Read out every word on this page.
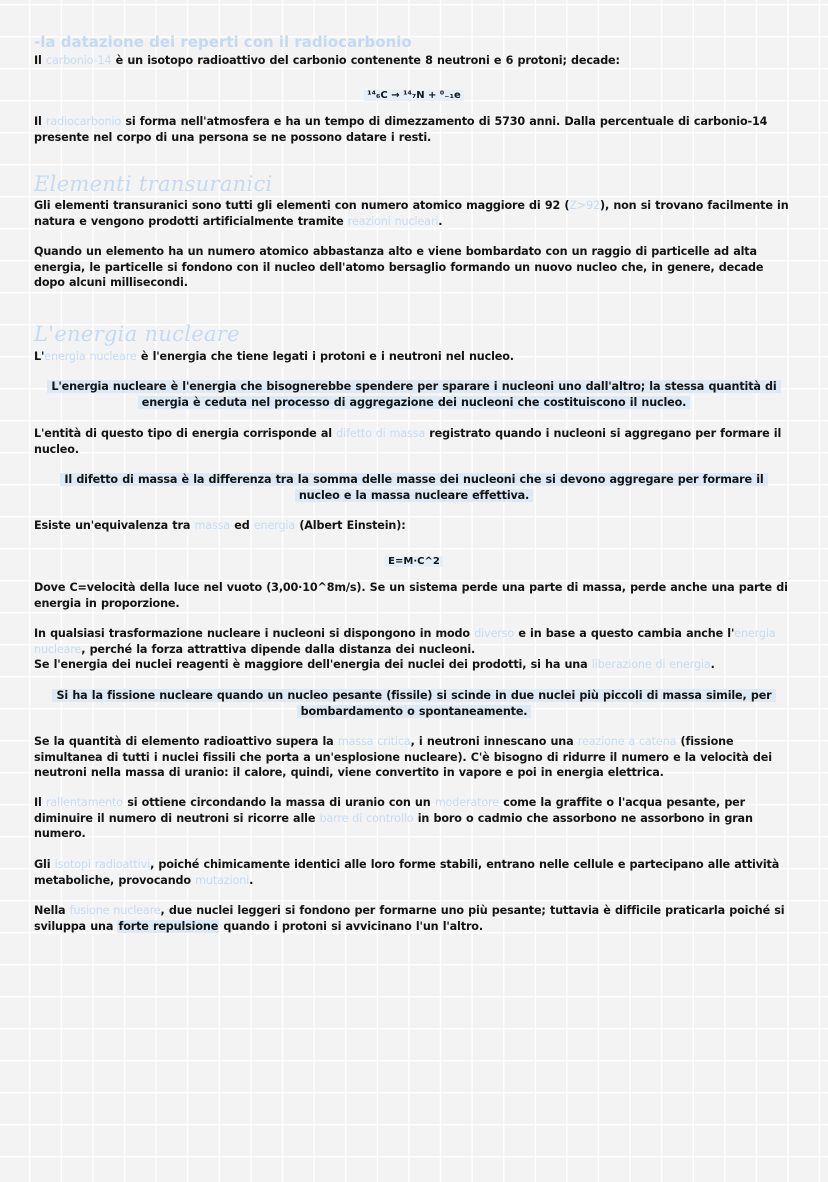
-la datazione dei reperti con il radiocarbonio
Il carbonio-14 è un isotopo radioattivo del carbonio contenente 8 neutroni e 6 protoni; decade:
¹⁴₆C → ¹⁴₇N + ⁰₋₁e
Il radiocarbonio si forma nell'atmosfera e ha un tempo di dimezzamento di 5730 anni. Dalla percentuale di carbonio-14 presente nel corpo di una persona se ne possono datare i resti.
Elementi transuranici
Gli elementi transuranici sono tutti gli elementi con numero atomico maggiore di 92 (Z>92), non si trovano facilmente in natura e vengono prodotti artificialmente tramite reazioni nucleari.
Quando un elemento ha un numero atomico abbastanza alto e viene bombardato con un raggio di particelle ad alta energia, le particelle si fondono con il nucleo dell'atomo bersaglio formando un nuovo nucleo che, in genere, decade dopo alcuni millisecondi.
L'energia nucleare
L'energia nucleare è l'energia che tiene legati i protoni e i neutroni nel nucleo.
L'energia nucleare è l'energia che bisognerebbe spendere per sparare i nucleoni uno dall'altro; la stessa quantità di energia è ceduta nel processo di aggregazione dei nucleoni che costituiscono il nucleo.
L'entità di questo tipo di energia corrisponde al difetto di massa registrato quando i nucleoni si aggregano per formare il nucleo.
Il difetto di massa è la differenza tra la somma delle masse dei nucleoni che si devono aggregare per formare il nucleo e la massa nucleare effettiva.
Esiste un'equivalenza tra massa ed energia (Albert Einstein):
E=M·C^2
Dove C=velocità della luce nel vuoto (3,00·10^8m/s). Se un sistema perde una parte di massa, perde anche una parte di energia in proporzione.
In qualsiasi trasformazione nucleare i nucleoni si dispongono in modo diverso e in base a questo cambia anche l'energia nucleare, perché la forza attrattiva dipende dalla distanza dei nucleoni.
Se l'energia dei nuclei reagenti è maggiore dell'energia dei nuclei dei prodotti, si ha una liberazione di energia.
Si ha la fissione nucleare quando un nucleo pesante (fissile) si scinde in due nuclei più piccoli di massa simile, per bombardamento o spontaneamente.
Se la quantità di elemento radioattivo supera la massa critica, i neutroni innescano una reazione a catena (fissione simultanea di tutti i nuclei fissili che porta a un'esplosione nucleare). C'è bisogno di ridurre il numero e la velocità dei neutroni nella massa di uranio: il calore, quindi, viene convertito in vapore e poi in energia elettrica.
Il rallentamento si ottiene circondando la massa di uranio con un moderatore come la graffite o l'acqua pesante, per diminuire il numero di neutroni si ricorre alle barre di controllo in boro o cadmio che assorbono ne assorbono in gran numero.
Gli isotopi radioattivi, poiché chimicamente identici alle loro forme stabili, entrano nelle cellule e partecipano alle attività metaboliche, provocando mutazioni.
Nella fusione nucleare, due nuclei leggeri si fondono per formarne uno più pesante; tuttavia è difficile praticarla poiché si sviluppa una forte repulsione quando i protoni si avvicinano l'un l'altro.
